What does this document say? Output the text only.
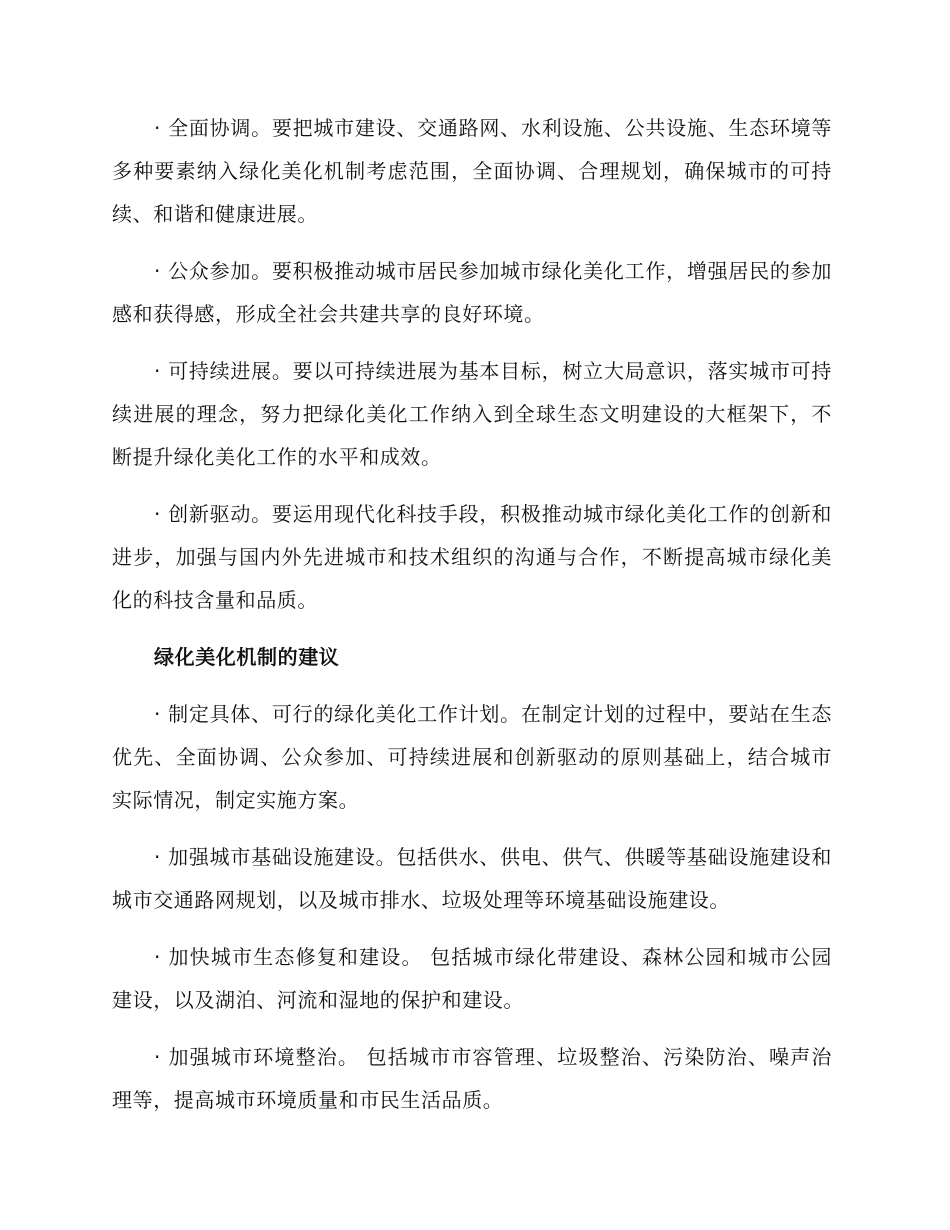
· 全面协调。要把城市建设、交通路网、水利设施、公共设施、生态环境等多种要素纳入绿化美化机制考虑范围，全面协调、合理规划，确保城市的可持续、和谐和健康进展。

· 公众参加。要积极推动城市居民参加城市绿化美化工作，增强居民的参加感和获得感，形成全社会共建共享的良好环境。

· 可持续进展。要以可持续进展为基本目标，树立大局意识，落实城市可持续进展的理念，努力把绿化美化工作纳入到全球生态文明建设的大框架下，不断提升绿化美化工作的水平和成效。

· 创新驱动。要运用现代化科技手段，积极推动城市绿化美化工作的创新和进步，加强与国内外先进城市和技术组织的沟通与合作，不断提高城市绿化美化的科技含量和品质。

绿化美化机制的建议

· 制定具体、可行的绿化美化工作计划。在制定计划的过程中，要站在生态优先、全面协调、公众参加、可持续进展和创新驱动的原则基础上，结合城市实际情况，制定实施方案。

· 加强城市基础设施建设。包括供水、供电、供气、供暖等基础设施建设和城市交通路网规划，以及城市排水、垃圾处理等环境基础设施建设。

· 加快城市生态修复和建设。 包括城市绿化带建设、森林公园和城市公园建设，以及湖泊、河流和湿地的保护和建设。

· 加强城市环境整治。 包括城市市容管理、垃圾整治、污染防治、噪声治理等，提高城市环境质量和市民生活品质。
